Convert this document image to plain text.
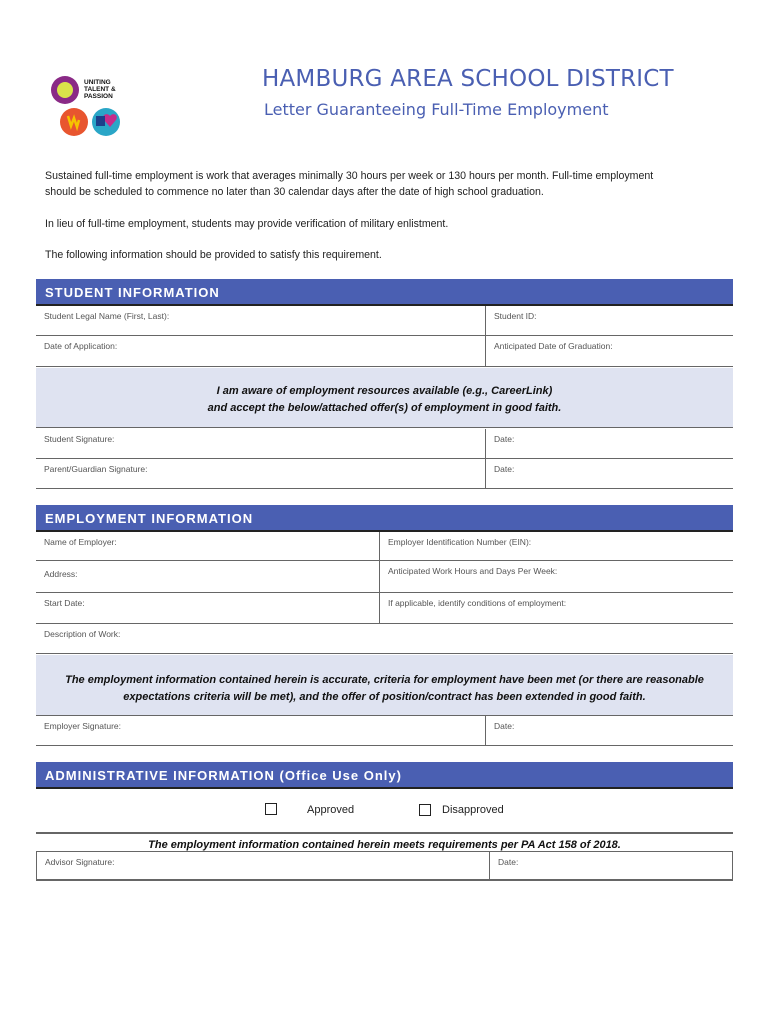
UNITING
TALENT &
PASSION
HAMBURG AREA SCHOOL DISTRICT
Letter Guaranteeing Full-Time Employment
Sustained full-time employment is work that averages minimally 30 hours per week or 130 hours per month. Full-time employment
should be scheduled to commence no later than 30 calendar days after the date of high school graduation.
In lieu of full-time employment, students may provide verification of military enlistment.
The following information should be provided to satisfy this requirement.
STUDENT INFORMATION
Student Legal Name (First, Last):	Student ID:
Date of Application:	Anticipated Date of Graduation:
I am aware of employment resources available (e.g., CareerLink)
and accept the below/attached offer(s) of employment in good faith.
Student Signature:	Date:
Parent/Guardian Signature:	Date:
EMPLOYMENT INFORMATION
Name of Employer:	Employer Identification Number (EIN):
Address:	Anticipated Work Hours and Days Per Week:
Start Date:	If applicable, identify conditions of employment:
Description of Work:
The employment information contained herein is accurate, criteria for employment have been met (or there are reasonable
expectations criteria will be met), and the offer of position/contract has been extended in good faith.
Employer Signature:	Date:
ADMINISTRATIVE INFORMATION (Office Use Only)
Approved	Disapproved
The employment information contained herein meets requirements per PA Act 158 of 2018.
Advisor Signature:	Date:
